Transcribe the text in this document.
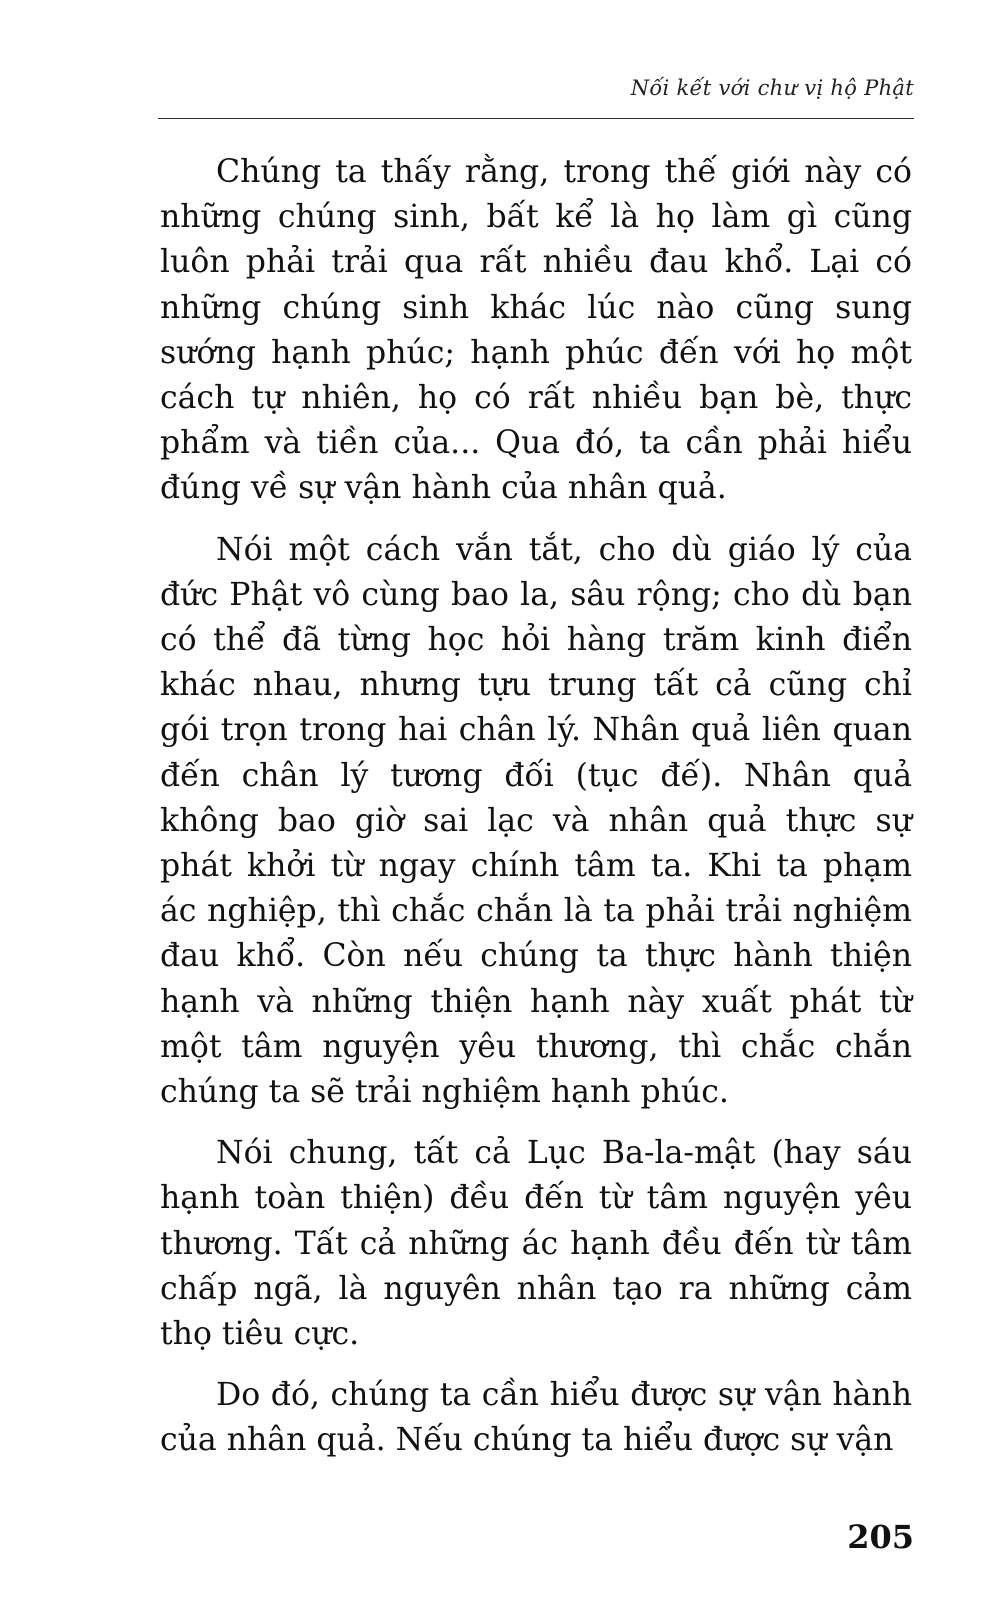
Nối kết với chư vị hộ Phật

Chúng ta thấy rằng, trong thế giới này có những chúng sinh, bất kể là họ làm gì cũng luôn phải trải qua rất nhiều đau khổ. Lại có những chúng sinh khác lúc nào cũng sung sướng hạnh phúc; hạnh phúc đến với họ một cách tự nhiên, họ có rất nhiều bạn bè, thực phẩm và tiền của... Qua đó, ta cần phải hiểu đúng về sự vận hành của nhân quả.

Nói một cách vắn tắt, cho dù giáo lý của đức Phật vô cùng bao la, sâu rộng; cho dù bạn có thể đã từng học hỏi hàng trăm kinh điển khác nhau, nhưng tựu trung tất cả cũng chỉ gói trọn trong hai chân lý. Nhân quả liên quan đến chân lý tương đối (tục đế). Nhân quả không bao giờ sai lạc và nhân quả thực sự phát khởi từ ngay chính tâm ta. Khi ta phạm ác nghiệp, thì chắc chắn là ta phải trải nghiệm đau khổ. Còn nếu chúng ta thực hành thiện hạnh và những thiện hạnh này xuất phát từ một tâm nguyện yêu thương, thì chắc chắn chúng ta sẽ trải nghiệm hạnh phúc.

Nói chung, tất cả Lục Ba-la-mật (hay sáu hạnh toàn thiện) đều đến từ tâm nguyện yêu thương. Tất cả những ác hạnh đều đến từ tâm chấp ngã, là nguyên nhân tạo ra những cảm thọ tiêu cực.

Do đó, chúng ta cần hiểu được sự vận hành của nhân quả. Nếu chúng ta hiểu được sự vận

205
